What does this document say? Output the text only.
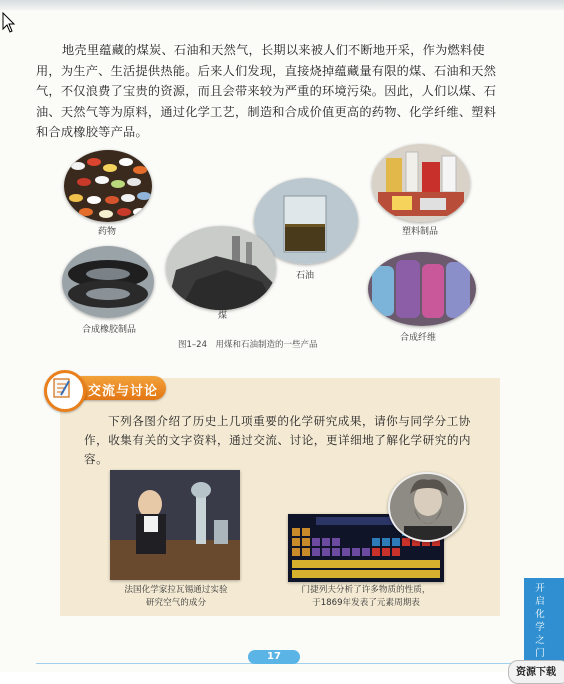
地壳里蕴藏的煤炭、石油和天然气，长期以来被人们不断地开采，作为燃料使用，为生产、生活提供热能。后来人们发现，直接烧掉蕴藏量有限的煤、石油和天然气，不仅浪费了宝贵的资源，而且会带来较为严重的环境污染。因此，人们以煤、石油、天然气等为原料，通过化学工艺，制造和合成价值更高的药物、化学纤维、塑料和合成橡胶等产品。
药物	塑料制品
石油
合成橡胶制品
煤
合成纤维
图1–24　用煤和石油制造的一些产品
交流与讨论
下列各图介绍了历史上几项重要的化学研究成果，请你与同学分工协作，收集有关的文字资料，通过交流、讨论，更详细地了解化学研究的内容。
法国化学家拉瓦锡通过实验
研究空气的成分
门捷列夫分析了许多物质的性质，
于1869年发表了元素周期表
开启化学之门
17
资源下载
